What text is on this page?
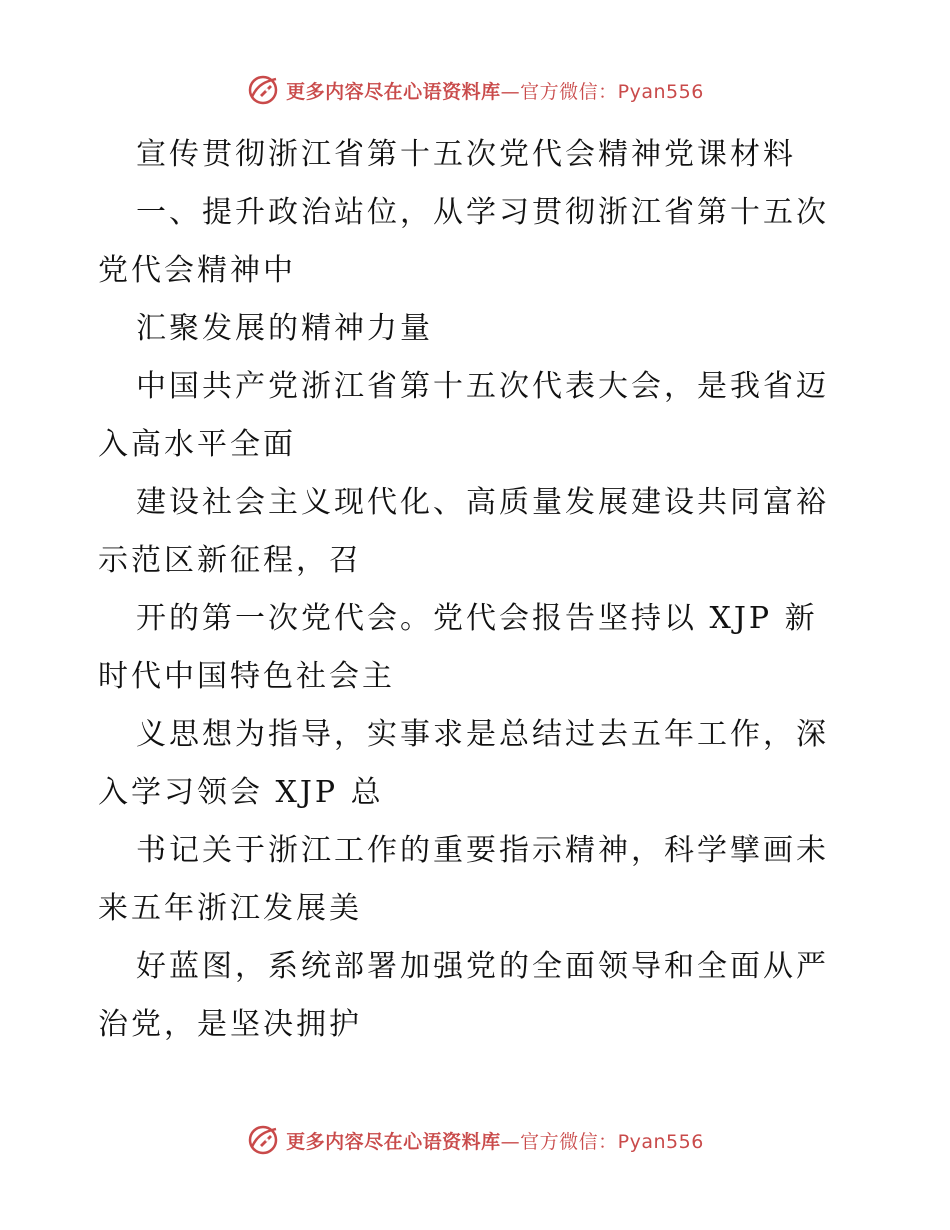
更多内容尽在心语资料库—官方微信：Pyan556
宣传贯彻浙江省第十五次党代会精神党课材料
一、提升政治站位，从学习贯彻浙江省第十五次
党代会精神中
汇聚发展的精神力量
中国共产党浙江省第十五次代表大会，是我省迈
入高水平全面
建设社会主义现代化、高质量发展建设共同富裕
示范区新征程，召
开的第一次党代会。党代会报告坚持以 XJP 新
时代中国特色社会主
义思想为指导，实事求是总结过去五年工作，深
入学习领会 XJP 总
书记关于浙江工作的重要指示精神，科学擘画未
来五年浙江发展美
好蓝图，系统部署加强党的全面领导和全面从严
治党，是坚决拥护
更多内容尽在心语资料库—官方微信：Pyan556
